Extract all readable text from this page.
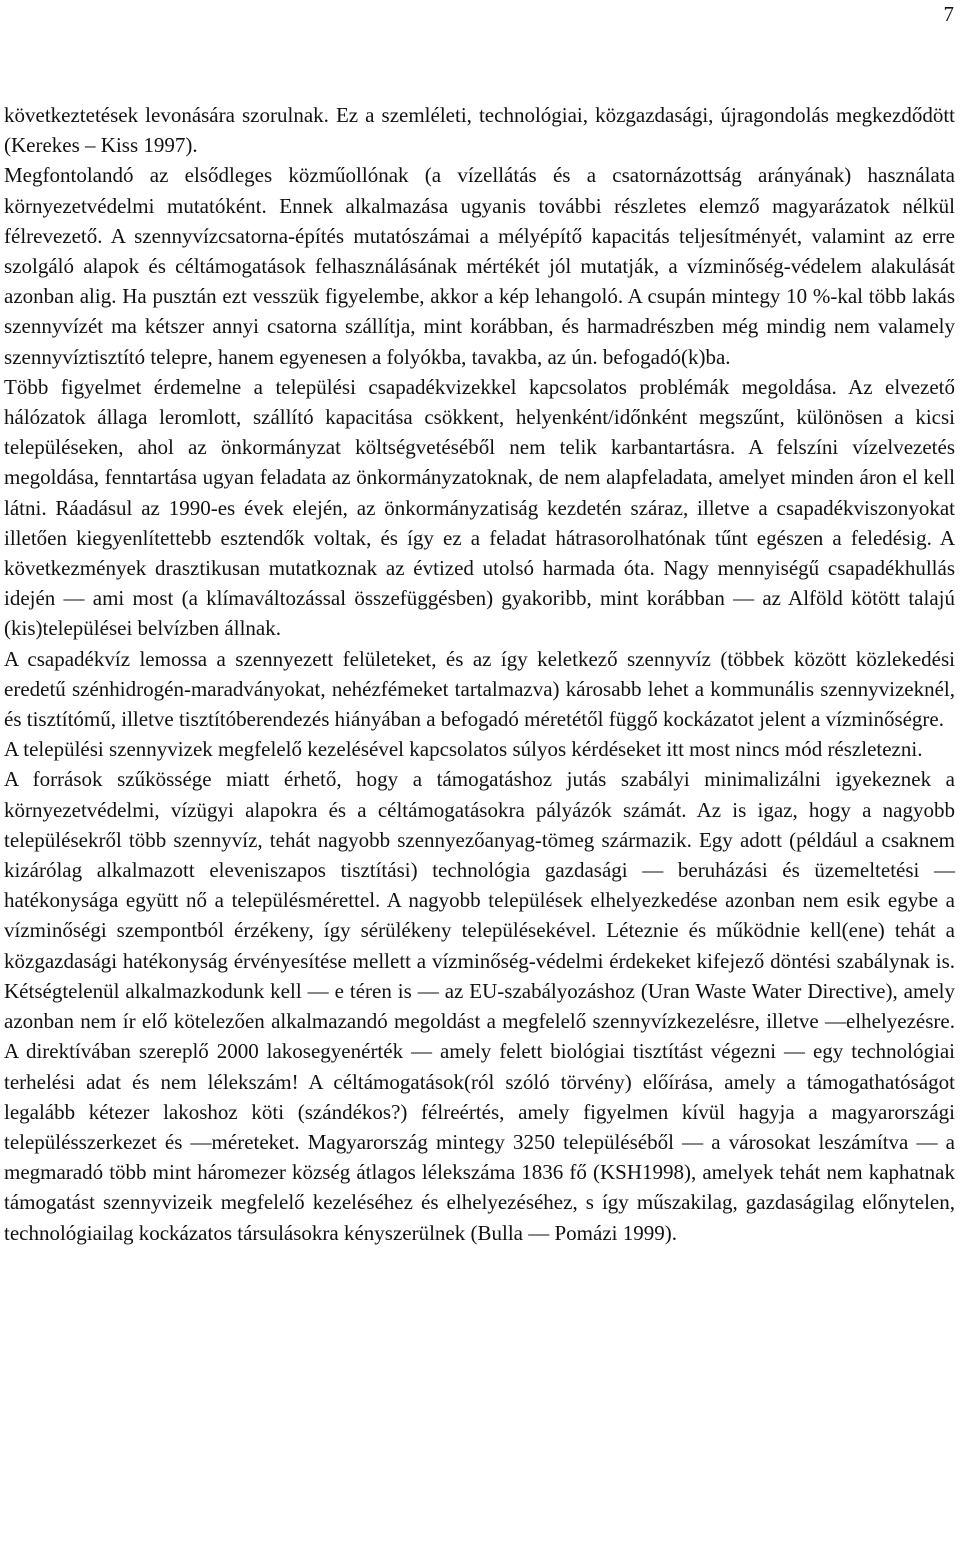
7

következtetések levonására szorulnak. Ez a szemléleti, technológiai, közgazdasági, újragondolás megkezdődött (Kerekes – Kiss 1997).

Megfontolandó az elsődleges közműollónak (a vízellátás és a csatornázottság arányának) használata környezetvédelmi mutatóként. Ennek alkalmazása ugyanis további részletes elemző magyarázatok nélkül félrevezető. A szennyvízcsatorna-építés mutatószámai a mélyépítő kapacitás teljesítményét, valamint az erre szolgáló alapok és céltámogatások felhasználásának mértékét jól mutatják, a vízminőség-védelem alakulását azonban alig. Ha pusztán ezt vesszük figyelembe, akkor a kép lehangoló. A csupán mintegy 10 %-kal több lakás szennyvízét ma kétszer annyi csatorna szállítja, mint korábban, és harmadrészben még mindig nem valamely szennyvíztisztító telepre, hanem egyenesen a folyókba, tavakba, az ún. befogadó(k)ba.

Több figyelmet érdemelne a települési csapadékvizekkel kapcsolatos problémák megoldása. Az elvezető hálózatok állaga leromlott, szállító kapacitása csökkent, helyenként/időnként megszűnt, különösen a kicsi településeken, ahol az önkormányzat költségvetéséből nem telik karbantartásra. A felszíni vízelvezetés megoldása, fenntartása ugyan feladata az önkormányzatoknak, de nem alapfeladata, amelyet minden áron el kell látni. Ráadásul az 1990-es évek elején, az önkormányzatiság kezdetén száraz, illetve a csapadékviszonyokat illetően kiegyenlítettebb esztendők voltak, és így ez a feladat hátrasorolhatónak tűnt egészen a feledésig. A következmények drasztikusan mutatkoznak az évtized utolsó harmada óta. Nagy mennyiségű csapadékhullás idején — ami most (a klímaváltozással összefüggésben) gyakoribb, mint korábban — az Alföld kötött talajú (kis)települései belvízben állnak.

A csapadékvíz lemossa a szennyezett felületeket, és az így keletkező szennyvíz (többek között közlekedési eredetű szénhidrogén-maradványokat, nehézfémeket tartalmazva) károsabb lehet a kommunális szennyvizeknél, és tisztítómű, illetve tisztítóberendezés hiányában a befogadó méretétől függő kockázatot jelent a vízminőségre.

A települési szennyvizek megfelelő kezelésével kapcsolatos súlyos kérdéseket itt most nincs mód részletezni.

A források szűkössége miatt érhető, hogy a támogatáshoz jutás szabályi minimalizálni igyekeznek a környezetvédelmi, vízügyi alapokra és a céltámogatásokra pályázók számát. Az is igaz, hogy a nagyobb településekről több szennyvíz, tehát nagyobb szennyezőanyag-tömeg származik. Egy adott (például a csaknem kizárólag alkalmazott eleveniszapos tisztítási) technológia gazdasági — beruházási és üzemeltetési — hatékonysága együtt nő a településmérettel. A nagyobb települések elhelyezkedése azonban nem esik egybe a vízminőségi szempontból érzékeny, így sérülékeny településekével. Léteznie és működnie kell(ene) tehát a közgazdasági hatékonyság érvényesítése mellett a vízminőség-védelmi érdekeket kifejező döntési szabálynak is. Kétségtelenül alkalmazkodunk kell — e téren is — az EU-szabályozáshoz (Uran Waste Water Directive), amely azonban nem ír elő kötelezően alkalmazandó megoldást a megfelelő szennyvízkezelésre, illetve —elhelyezésre. A direktívában szereplő 2000 lakosegyenérték — amely felett biológiai tisztítást végezni — egy technológiai terhelési adat és nem lélekszám! A céltámogatások(ról szóló törvény) előírása, amely a támogathatóságot legalább kétezer lakoshoz köti (szándékos?) félreértés, amely figyelmen kívül hagyja a magyarországi településszerkezet és —méreteket. Magyarország mintegy 3250 településéből — a városokat leszámítva — a megmaradó több mint háromezer község átlagos lélekszáma 1836 fő (KSH1998), amelyek tehát nem kaphatnak támogatást szennyvizeik megfelelő kezeléséhez és elhelyezéséhez, s így műszakilag, gazdaságilag előnytelen, technológiailag kockázatos társulásokra kényszerülnek (Bulla — Pomázi 1999).
